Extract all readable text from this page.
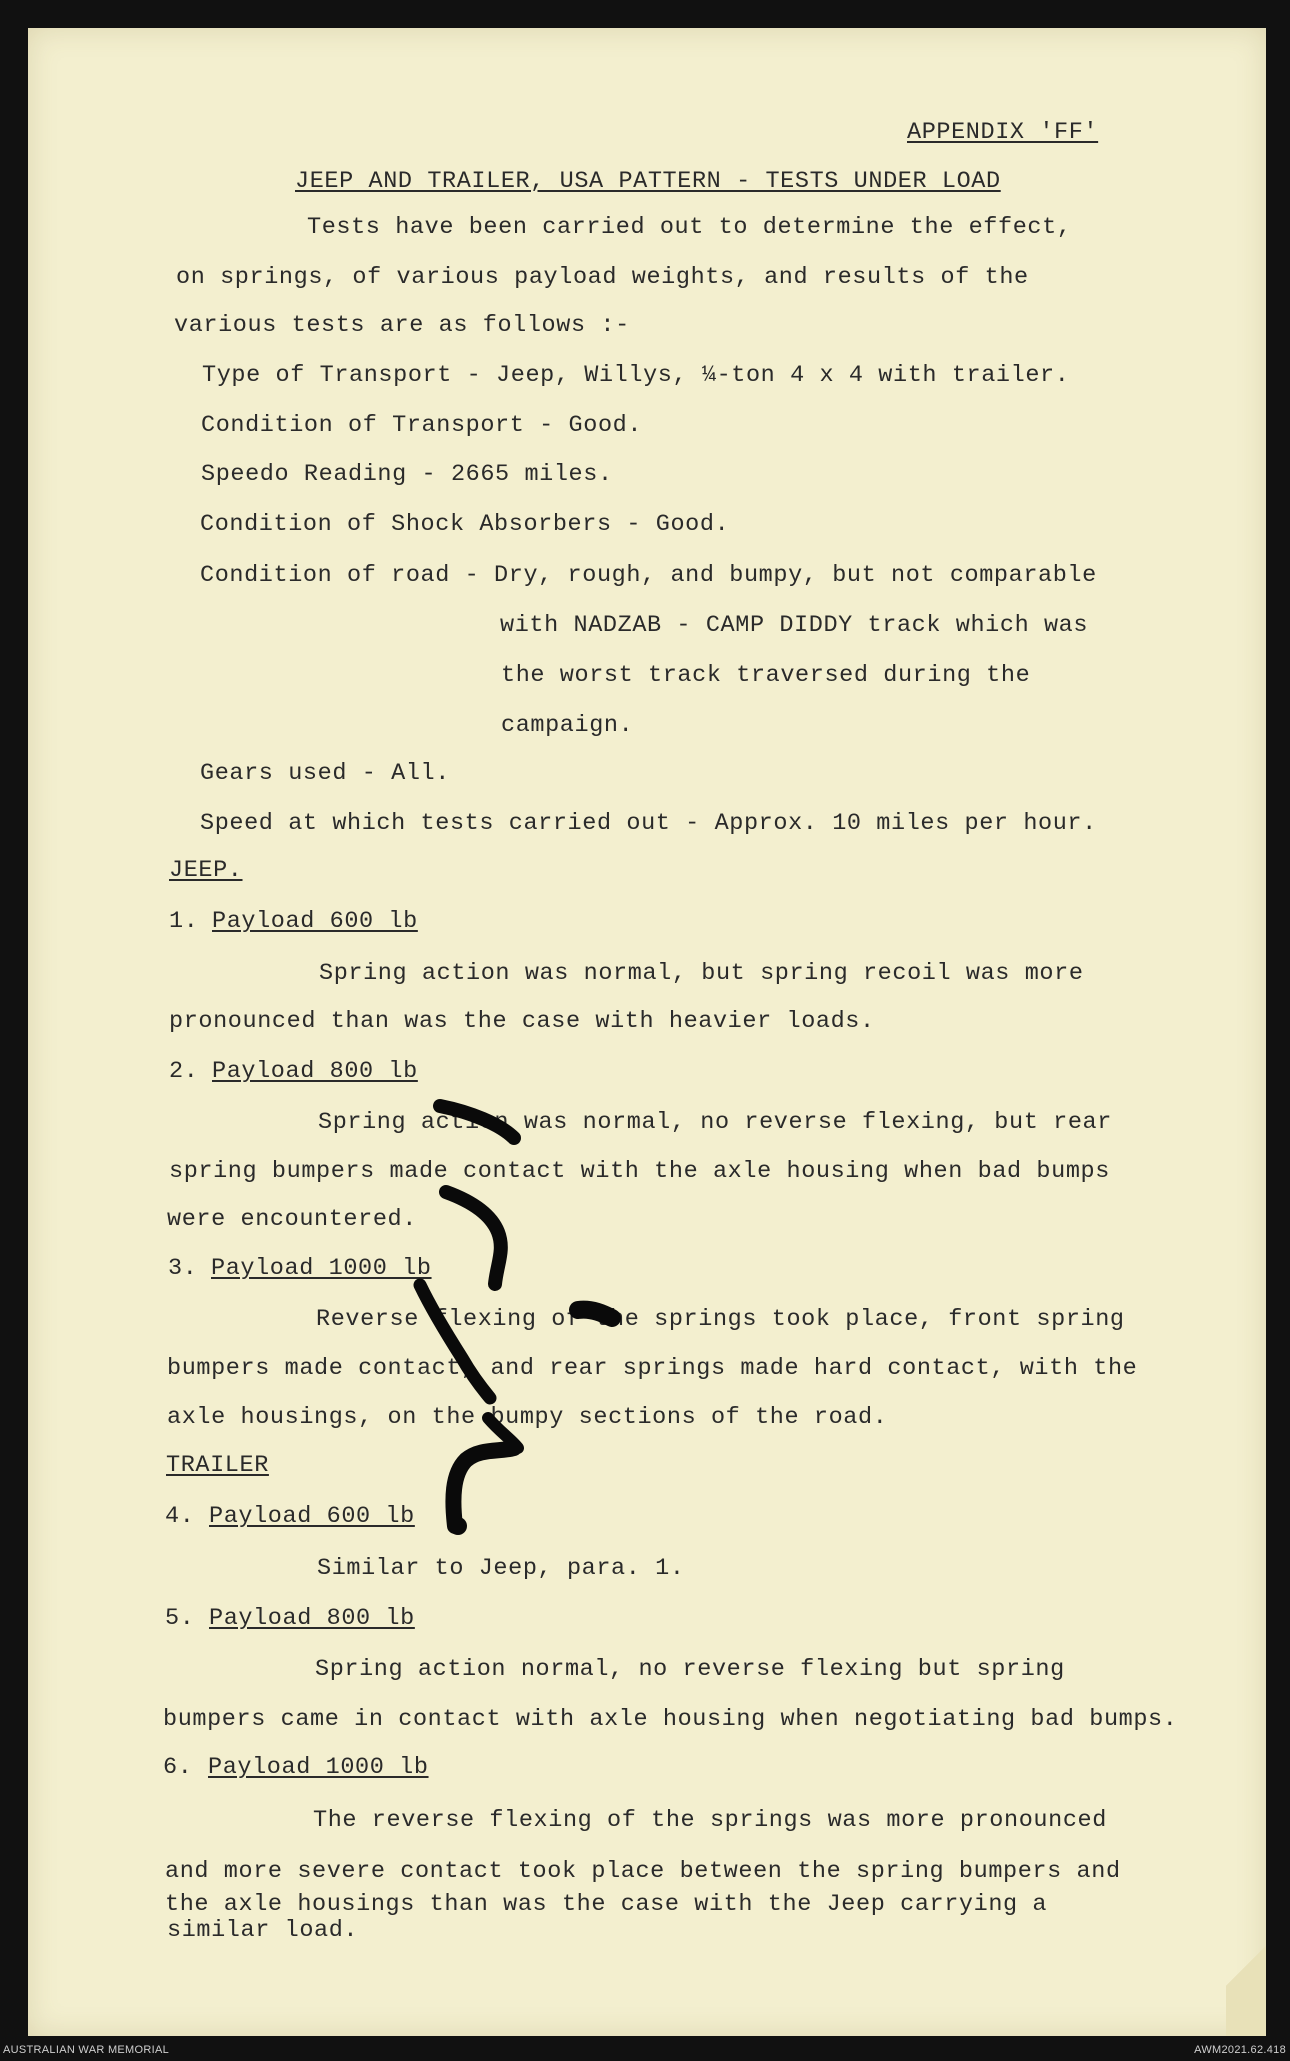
APPENDIX 'FF'

JEEP AND TRAILER, USA PATTERN - TESTS UNDER LOAD

Tests have been carried out to determine the effect,

on springs, of various payload weights, and results of the

various tests are as follows :-

Type of Transport - Jeep, Willys, ¼-ton 4 x 4 with trailer.

Condition of Transport - Good.

Speedo Reading - 2665 miles.

Condition of Shock Absorbers - Good.

Condition of road - Dry, rough, and bumpy, but not comparable

with NADZAB - CAMP DIDDY track which was

the worst track traversed during the

campaign.

Gears used - All.

Speed at which tests carried out - Approx. 10 miles per hour.

JEEP.

1. Payload 600 lb

Spring action was normal, but spring recoil was more

pronounced than was the case with heavier loads.

2. Payload 800 lb

Spring action was normal, no reverse flexing, but rear

spring bumpers made contact with the axle housing when bad bumps

were encountered.

3. Payload 1000 lb

Reverse flexing of the springs took place, front spring

bumpers made contact, and rear springs made hard contact, with the

axle housings, on the bumpy sections of the road.

TRAILER

4. Payload 600 lb

Similar to Jeep, para. 1.

5. Payload 800 lb

Spring action normal, no reverse flexing but spring

bumpers came in contact with axle housing when negotiating bad bumps.

6. Payload 1000 lb

The reverse flexing of the springs was more pronounced

and more severe contact took place between the spring bumpers and

the axle housings than was the case with the Jeep carrying a

similar load.

AUSTRALIAN WAR MEMORIAL	AWM2021.62.418
